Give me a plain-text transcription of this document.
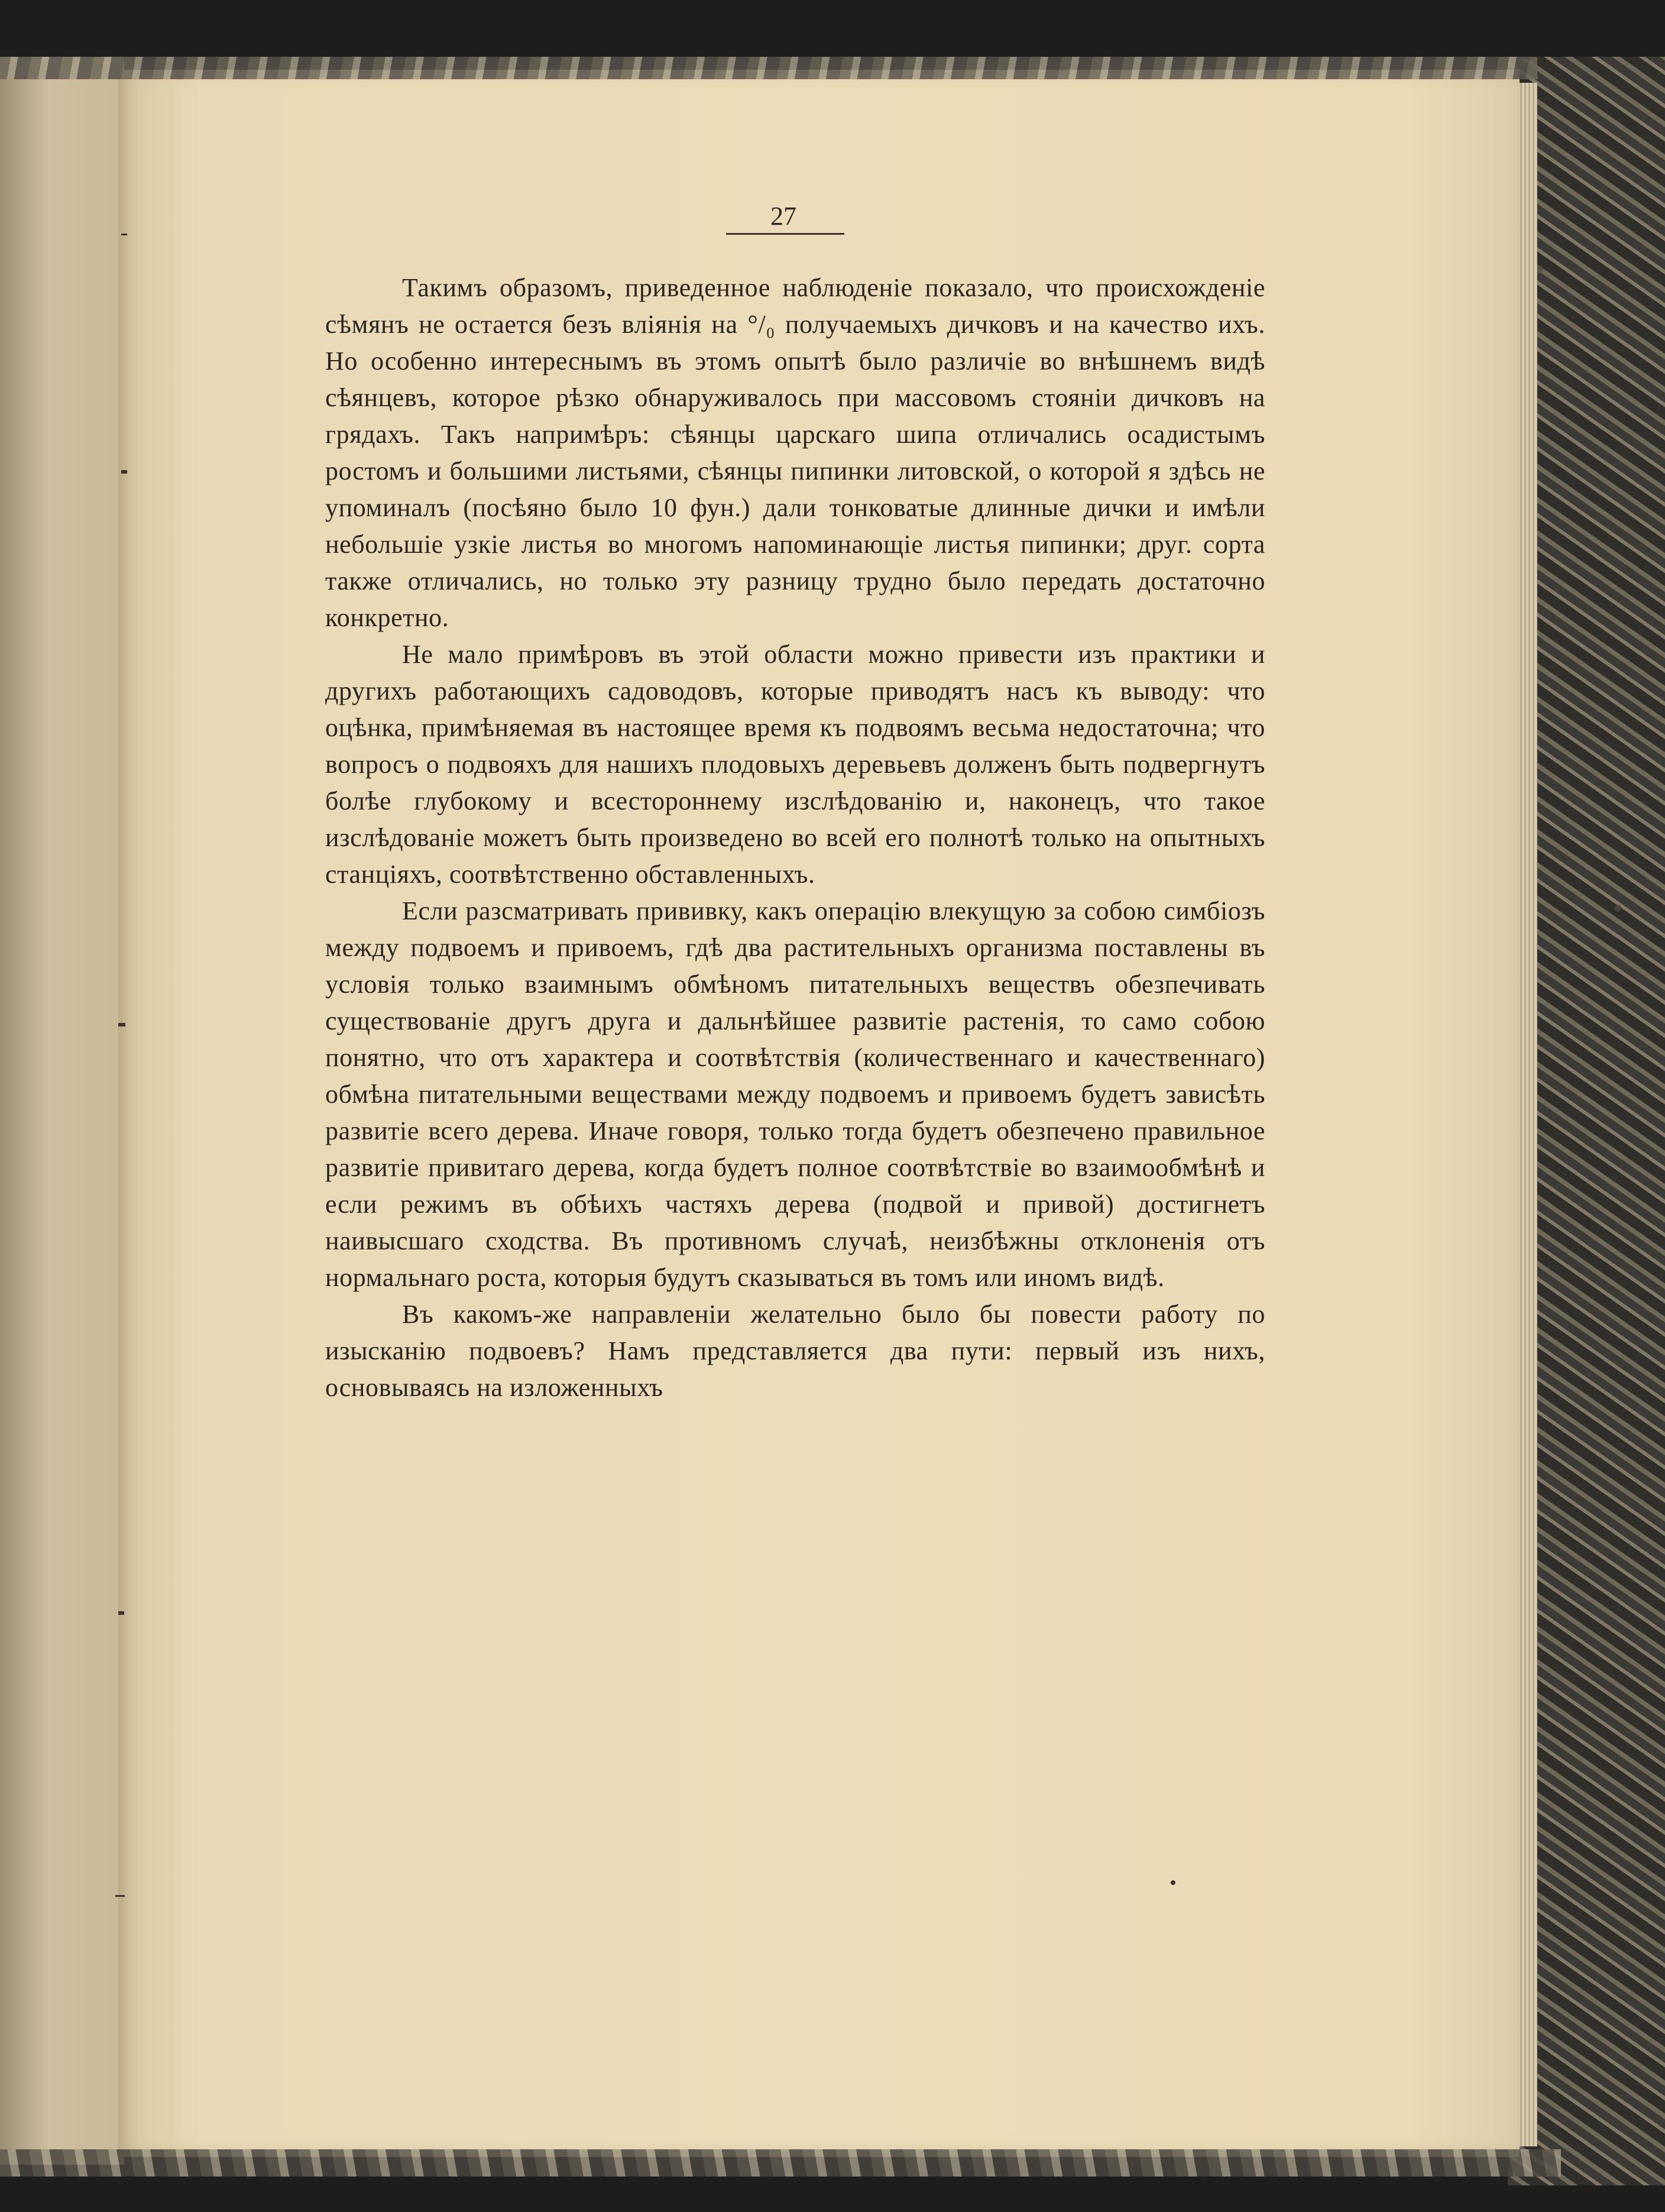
27

Такимъ образомъ, приведенное наблюденіе показало, что происхожденіе сѣмянъ не остается безъ вліянія на °/₀ получаемыхъ дичковъ и на качество ихъ. Но особенно интереснымъ въ этомъ опытѣ было различіе во внѣшнемъ видѣ сѣянцевъ, которое рѣзко обнаруживалось при массовомъ стояніи дичковъ на грядахъ. Такъ напримѣръ: сѣянцы царскаго шипа отличались осадистымъ ростомъ и большими листьями, сѣянцы пипинки литовской, о которой я здѣсь не упоминалъ (посѣяно было 10 фун.) дали тонковатые длинные дички и имѣли небольшіе узкіе листья во многомъ напоминающіе листья пипинки; друг. сорта также отличались, но только эту разницу трудно было передать достаточно конкретно.

Не мало примѣровъ въ этой области можно привести изъ практики и другихъ работающихъ садоводовъ, которые приводятъ насъ къ выводу: что оцѣнка, примѣняемая въ настоящее время къ подвоямъ весьма недостаточна; что вопросъ о подвояхъ для нашихъ плодовыхъ деревьевъ долженъ быть подвергнутъ болѣе глубокому и всестороннему изслѣдованію и, наконецъ, что такое изслѣдованіе можетъ быть произведено во всей его полнотѣ только на опытныхъ станціяхъ, соотвѣтственно обставленныхъ.

Если разсматривать прививку, какъ операцію влекущую за собою симбіозъ между подвоемъ и привоемъ, гдѣ два растительныхъ организма поставлены въ условія только взаимнымъ обмѣномъ питательныхъ веществъ обезпечивать существованіе другъ друга и дальнѣйшее развитіе растенія, то само собою понятно, что отъ характера и соотвѣтствія (количественнаго и качественнаго) обмѣна питательными веществами между подвоемъ и привоемъ будетъ зависѣть развитіе всего дерева. Иначе говоря, только тогда будетъ обезпечено правильное развитіе привитаго дерева, когда будетъ полное соотвѣтствіе во взаимообмѣнѣ и если режимъ въ обѣихъ частяхъ дерева (подвой и привой) достигнетъ наивысшаго сходства. Въ противномъ случаѣ, неизбѣжны отклоненія отъ нормальнаго роста, которыя будутъ сказываться въ томъ или иномъ видѣ.

Въ какомъ-же направленіи желательно было бы повести работу по изысканію подвоевъ? Намъ представляется два пути: первый изъ нихъ, основываясь на изложенныхъ
